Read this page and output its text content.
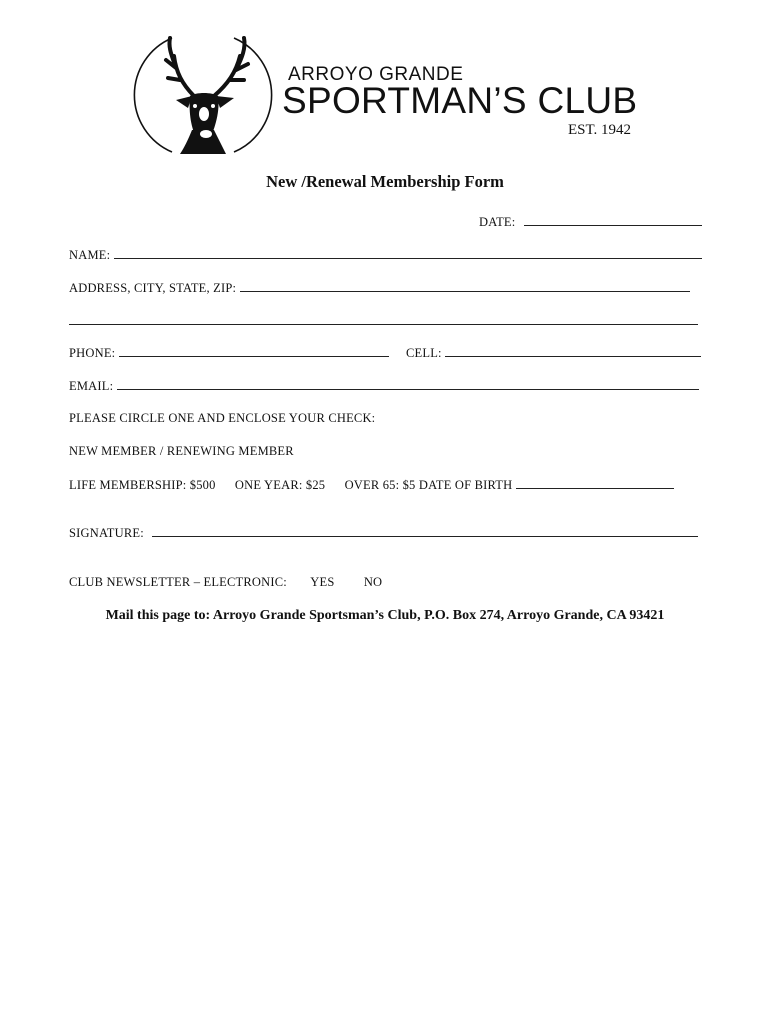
ARROYO GRANDE
SPORTMAN’S CLUB
EST. 1942
New /Renewal Membership Form
DATE:
NAME:
ADDRESS, CITY, STATE, ZIP:
PHONE:	CELL:
EMAIL:
PLEASE CIRCLE ONE AND ENCLOSE YOUR CHECK:
NEW MEMBER / RENEWING MEMBER
LIFE MEMBERSHIP: $500 ONE YEAR: $25 OVER 65: $5 DATE OF BIRTH
SIGNATURE:
CLUB NEWSLETTER – ELECTRONIC: YES NO
Mail this page to: Arroyo Grande Sportsman’s Club, P.O. Box 274, Arroyo Grande, CA 93421
